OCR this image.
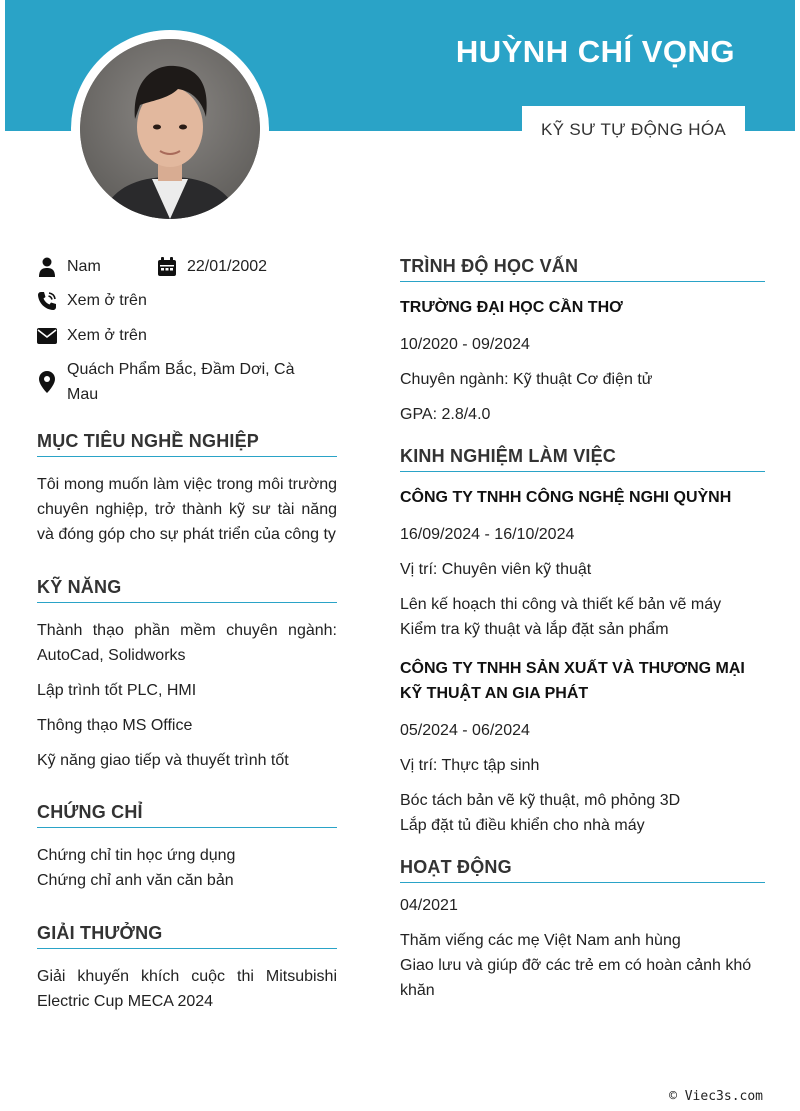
HUỲNH CHÍ VỌNG
KỸ SƯ TỰ ĐỘNG HÓA
Nam	22/01/2002
Xem ở trên
Xem ở trên
Quách Phẩm Bắc, Đầm Dơi, Cà Mau
MỤC TIÊU NGHỀ NGHIỆP
Tôi mong muốn làm việc trong môi trường chuyên nghiệp, trở thành kỹ sư tài năng và đóng góp cho sự phát triển của công ty
KỸ NĂNG
Thành thạo phần mềm chuyên ngành: AutoCad, Solidworks
Lập trình tốt PLC, HMI
Thông thạo MS Office
Kỹ năng giao tiếp và thuyết trình tốt
CHỨNG CHỈ
Chứng chỉ tin học ứng dụng
Chứng chỉ anh văn căn bản
GIẢI THƯỞNG
Giải khuyến khích cuộc thi Mitsubishi Electric Cup MECA 2024
TRÌNH ĐỘ HỌC VẤN
TRƯỜNG ĐẠI HỌC CẦN THƠ
10/2020 - 09/2024
Chuyên ngành: Kỹ thuật Cơ điện tử
GPA: 2.8/4.0
KINH NGHIỆM LÀM VIỆC
CÔNG TY TNHH CÔNG NGHỆ NGHI QUỲNH
16/09/2024 - 16/10/2024
Vị trí: Chuyên viên kỹ thuật
Lên kế hoạch thi công và thiết kế bản vẽ máy
Kiểm tra kỹ thuật và lắp đặt sản phẩm
CÔNG TY TNHH SẢN XUẤT VÀ THƯƠNG MẠI KỸ THUẬT AN GIA PHÁT
05/2024 - 06/2024
Vị trí: Thực tập sinh
Bóc tách bản vẽ kỹ thuật, mô phỏng 3D
Lắp đặt tủ điều khiển cho nhà máy
HOẠT ĐỘNG
04/2021
Thăm viếng các mẹ Việt Nam anh hùng
Giao lưu và giúp đỡ các trẻ em có hoàn cảnh khó khăn
© Viec3s.com
